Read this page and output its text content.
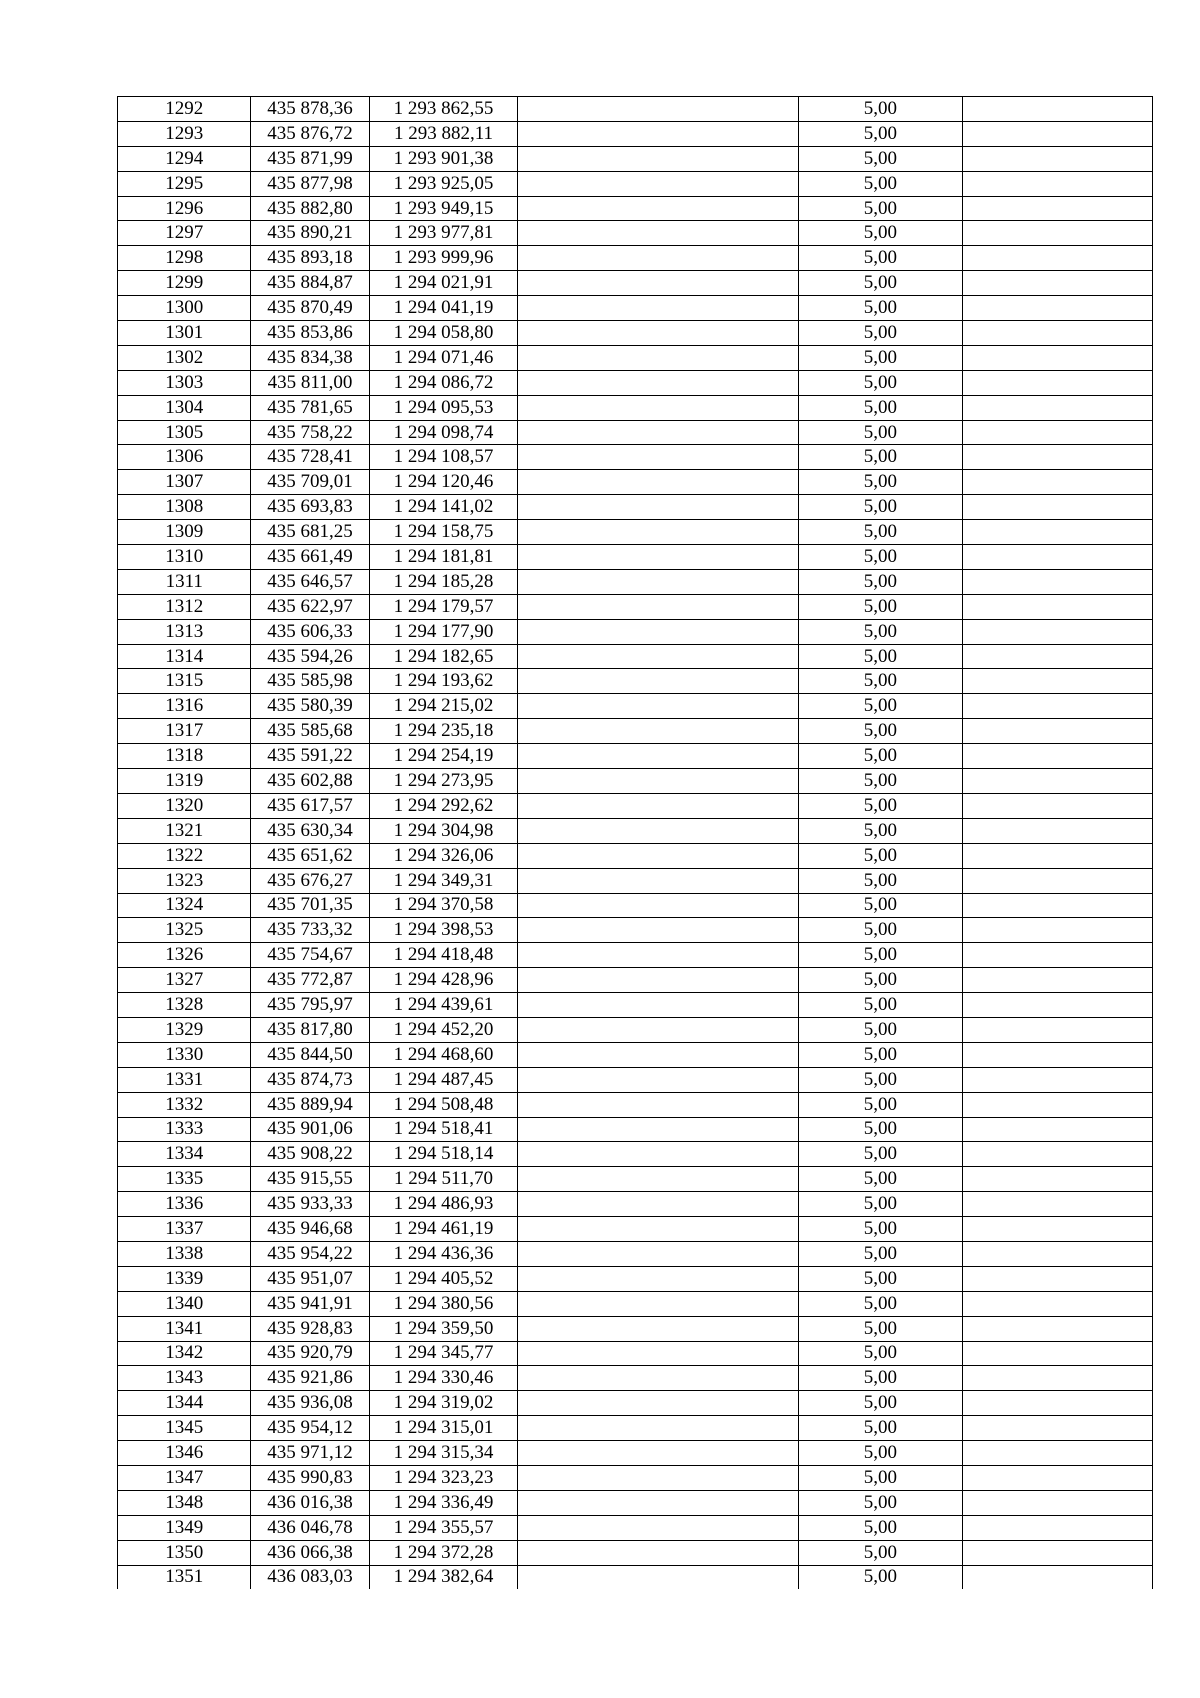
1292	435 878,36	1 293 862,55		5,00	
1293	435 876,72	1 293 882,11		5,00	
1294	435 871,99	1 293 901,38		5,00	
1295	435 877,98	1 293 925,05		5,00	
1296	435 882,80	1 293 949,15		5,00	
1297	435 890,21	1 293 977,81		5,00	
1298	435 893,18	1 293 999,96		5,00	
1299	435 884,87	1 294 021,91		5,00	
1300	435 870,49	1 294 041,19		5,00	
1301	435 853,86	1 294 058,80		5,00	
1302	435 834,38	1 294 071,46		5,00	
1303	435 811,00	1 294 086,72		5,00	
1304	435 781,65	1 294 095,53		5,00	
1305	435 758,22	1 294 098,74		5,00	
1306	435 728,41	1 294 108,57		5,00	
1307	435 709,01	1 294 120,46		5,00	
1308	435 693,83	1 294 141,02		5,00	
1309	435 681,25	1 294 158,75		5,00	
1310	435 661,49	1 294 181,81		5,00	
1311	435 646,57	1 294 185,28		5,00	
1312	435 622,97	1 294 179,57		5,00	
1313	435 606,33	1 294 177,90		5,00	
1314	435 594,26	1 294 182,65		5,00	
1315	435 585,98	1 294 193,62		5,00	
1316	435 580,39	1 294 215,02		5,00	
1317	435 585,68	1 294 235,18		5,00	
1318	435 591,22	1 294 254,19		5,00	
1319	435 602,88	1 294 273,95		5,00	
1320	435 617,57	1 294 292,62		5,00	
1321	435 630,34	1 294 304,98		5,00	
1322	435 651,62	1 294 326,06		5,00	
1323	435 676,27	1 294 349,31		5,00	
1324	435 701,35	1 294 370,58		5,00	
1325	435 733,32	1 294 398,53		5,00	
1326	435 754,67	1 294 418,48		5,00	
1327	435 772,87	1 294 428,96		5,00	
1328	435 795,97	1 294 439,61		5,00	
1329	435 817,80	1 294 452,20		5,00	
1330	435 844,50	1 294 468,60		5,00	
1331	435 874,73	1 294 487,45		5,00	
1332	435 889,94	1 294 508,48		5,00	
1333	435 901,06	1 294 518,41		5,00	
1334	435 908,22	1 294 518,14		5,00	
1335	435 915,55	1 294 511,70		5,00	
1336	435 933,33	1 294 486,93		5,00	
1337	435 946,68	1 294 461,19		5,00	
1338	435 954,22	1 294 436,36		5,00	
1339	435 951,07	1 294 405,52		5,00	
1340	435 941,91	1 294 380,56		5,00	
1341	435 928,83	1 294 359,50		5,00	
1342	435 920,79	1 294 345,77		5,00	
1343	435 921,86	1 294 330,46		5,00	
1344	435 936,08	1 294 319,02		5,00	
1345	435 954,12	1 294 315,01		5,00	
1346	435 971,12	1 294 315,34		5,00	
1347	435 990,83	1 294 323,23		5,00	
1348	436 016,38	1 294 336,49		5,00	
1349	436 046,78	1 294 355,57		5,00	
1350	436 066,38	1 294 372,28		5,00	
1351	436 083,03	1 294 382,64		5,00	
